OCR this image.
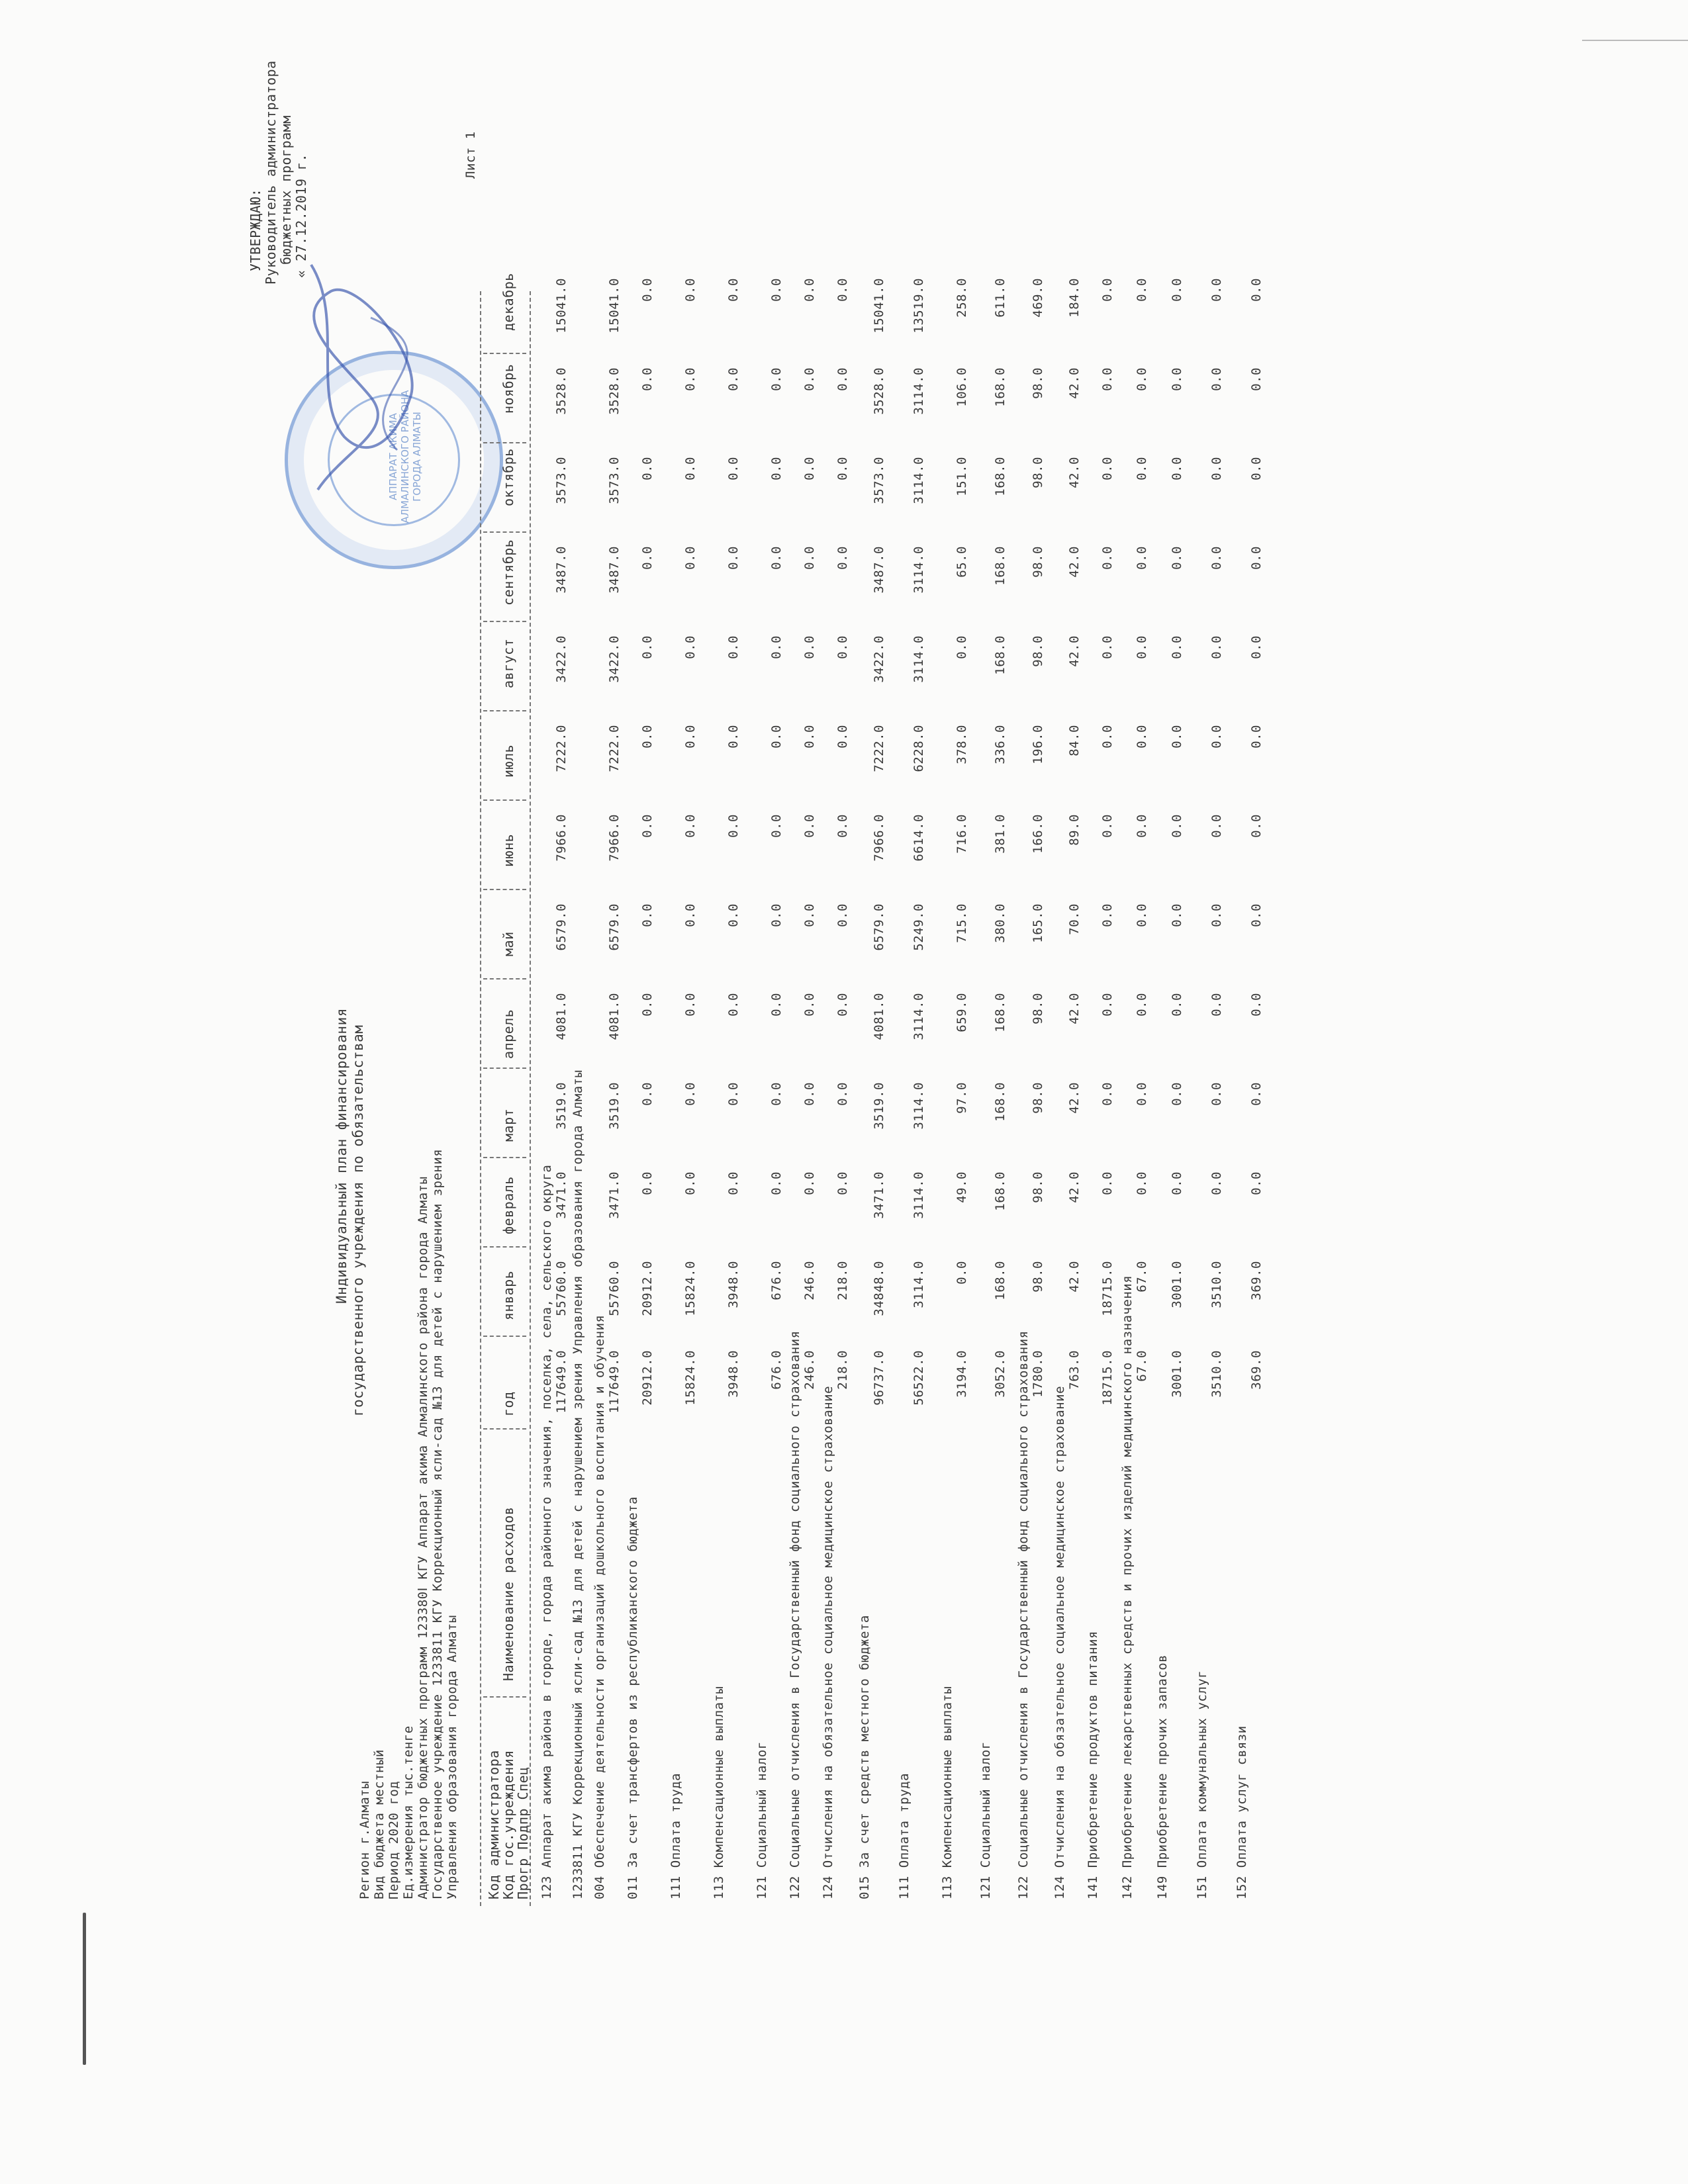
Регион г.Алматы Вид бюджета местный Период 2020 год Ед.измерения тыс.тенге Администратор бюджетных программ 123380Ⅰ КГУ Аппарат акима Алмалинского района города Алматы Государственное учреждение 1233811 КГУ Коррекционный ясли-сад №13 для детей с нарушением зрения Управления образования города Алматы
Индивидуальный план финансирования государственного учреждения по обязательствам
УТВЕРЖДАЮ: Руководитель администратора бюджетных программ « 27.12.2019 г.	Лист 1
АППАРАТ АКИМА АЛМАЛИНСКОГО РАЙОНА ГОРОДА АЛМАТЫ
Код администратора
Код гос.учреждения
Прогр Подпр Спец
Наименование расходов
год
январь
февраль
март
апрель
май
июнь
июль
август
сентябрь
октябрь
ноябрь
декабрь
123 Аппарат акима района в городе, города районного значения, поселка, села, сельского округа 117649.0
55760.0
3471.0
3519.0
4081.0
6579.0
7966.0
7222.0
3422.0
3487.0
3573.0
3528.0
15041.0
1233811 КГУ Коррекционный ясли-сад №13 для детей с нарушением зрения Управления образования города Алматы 004 Обеспечение деятельности организаций дошкольного воспитания и обучения 117649.0
55760.0
3471.0
3519.0
4081.0
6579.0
7966.0
7222.0
3422.0
3487.0
3573.0
3528.0
15041.0
011 За счет трансфертов из республиканского бюджета
20912.0
20912.0
0.0
0.0
0.0
0.0
0.0
0.0
0.0
0.0
0.0
0.0
0.0
111 Оплата труда
15824.0
15824.0
0.0
0.0
0.0
0.0
0.0
0.0
0.0
0.0
0.0
0.0
0.0
113 Компенсационные выплаты
3948.0
3948.0
0.0
0.0
0.0
0.0
0.0
0.0
0.0
0.0
0.0
0.0
0.0
121 Социальный налог
676.0
676.0
0.0
0.0
0.0
0.0
0.0
0.0
0.0
0.0
0.0
0.0
0.0
122 Социальные отчисления в Государственный фонд социального страхования 246.0
246.0
0.0
0.0
0.0
0.0
0.0
0.0
0.0
0.0
0.0
0.0
0.0
124 Отчисления на обязательное социальное медицинское страхование
218.0
218.0
0.0
0.0
0.0
0.0
0.0
0.0
0.0
0.0
0.0
0.0
0.0
015 За счет средств местного бюджета
96737.0
34848.0
3471.0
3519.0
4081.0
6579.0
7966.0
7222.0
3422.0
3487.0
3573.0
3528.0
15041.0
111 Оплата труда
56522.0
3114.0
3114.0
3114.0
3114.0
5249.0
6614.0
6228.0
3114.0
3114.0
3114.0
3114.0
13519.0
113 Компенсационные выплаты
3194.0
0.0
49.0
97.0
659.0
715.0
716.0
378.0
0.0
65.0
151.0
106.0
258.0
121 Социальный налог
3052.0
168.0
168.0
168.0
168.0
380.0
381.0
336.0
168.0
168.0
168.0
168.0
611.0
122 Социальные отчисления в Государственный фонд социального страхования 1780.0
98.0
98.0
98.0
98.0
165.0
166.0
196.0
98.0
98.0
98.0
98.0
469.0
124 Отчисления на обязательное социальное медицинское страхование
763.0
42.0
42.0
42.0
42.0
70.0
89.0
84.0
42.0
42.0
42.0
42.0
184.0
141 Приобретение продуктов питания
18715.0
18715.0
0.0
0.0
0.0
0.0
0.0
0.0
0.0
0.0
0.0
0.0
0.0
142 Приобретение лекарственных средств и прочих изделий медицинского назначения 67.0
67.0
0.0
0.0
0.0
0.0
0.0
0.0
0.0
0.0
0.0
0.0
0.0
149 Приобретение прочих запасов
3001.0
3001.0
0.0
0.0
0.0
0.0
0.0
0.0
0.0
0.0
0.0
0.0
0.0
151 Оплата коммунальных услуг
3510.0
3510.0
0.0
0.0
0.0
0.0
0.0
0.0
0.0
0.0
0.0
0.0
0.0
152 Оплата услуг связи
369.0
369.0
0.0
0.0
0.0
0.0
0.0
0.0
0.0
0.0
0.0
0.0
0.0
